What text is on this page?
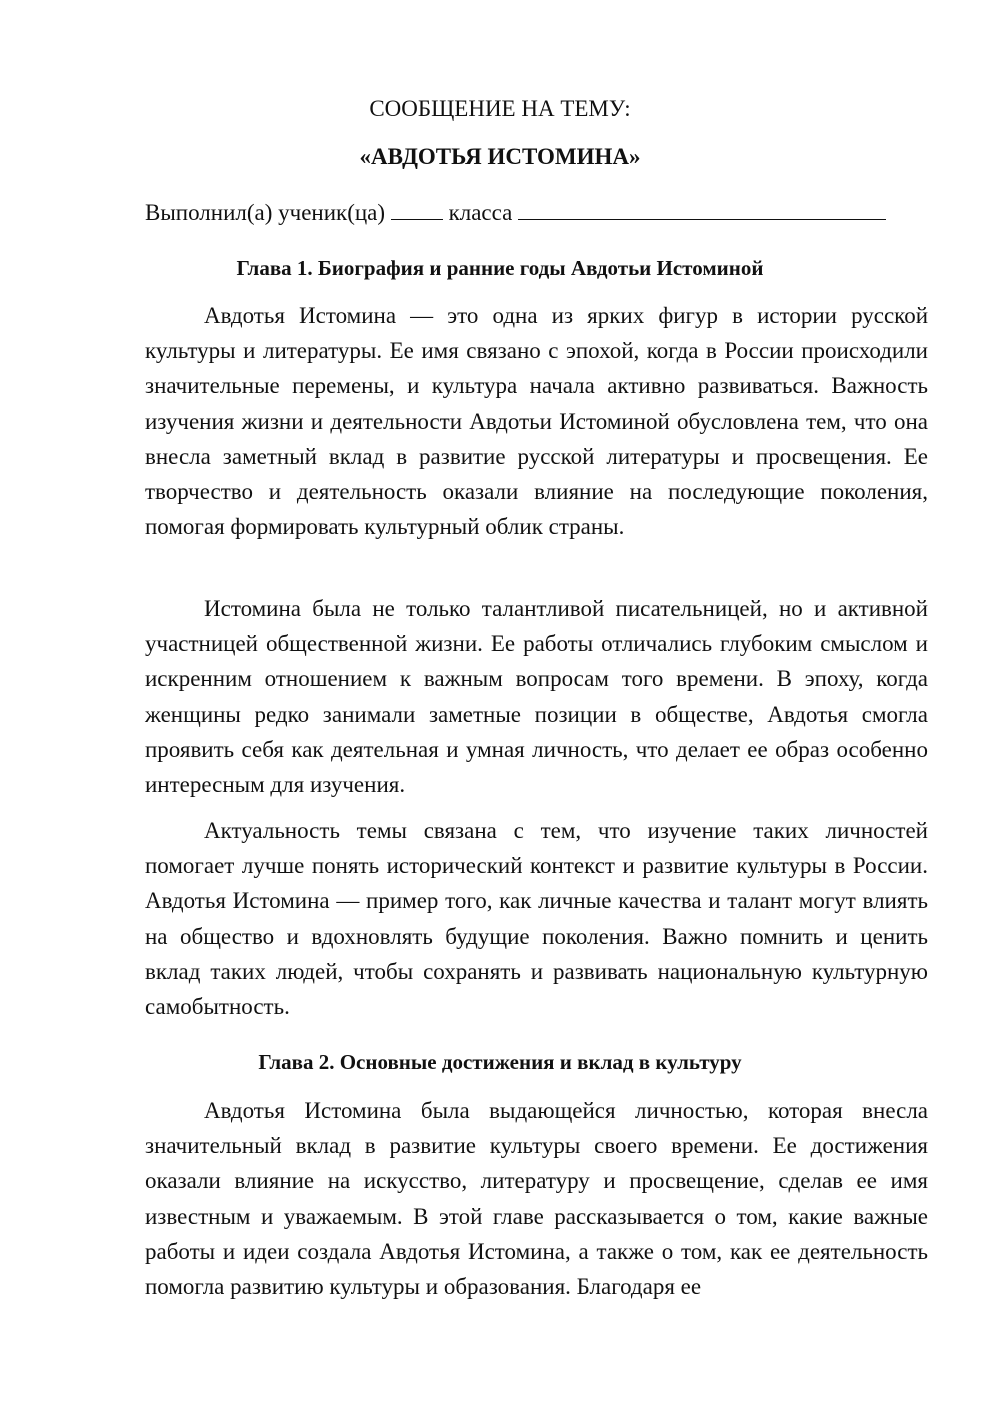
СООБЩЕНИЕ НА ТЕМУ:
«АВДОТЬЯ ИСТОМИНА»
Выполнил(а) ученик(ца)	класса
Глава 1. Биография и ранние годы Авдотьи Истоминой

Авдотья Истомина — это одна из ярких фигур в истории русской культуры и литературы. Ее имя связано с эпохой, когда в России происходили значительные перемены, и культура начала активно развиваться. Важность изучения жизни и деятельности Авдотьи Истоминой обусловлена тем, что она внесла заметный вклад в развитие русской литературы и просвещения. Ее творчество и деятельность оказали влияние на последующие поколения, помогая формировать культурный облик страны.

Истомина была не только талантливой писательницей, но и активной участницей общественной жизни. Ее работы отличались глубоким смыслом и искренним отношением к важным вопросам того времени. В эпоху, когда женщины редко занимали заметные позиции в обществе, Авдотья смогла проявить себя как деятельная и умная личность, что делает ее образ особенно интересным для изучения.

Актуальность темы связана с тем, что изучение таких личностей помогает лучше понять исторический контекст и развитие культуры в России. Авдотья Истомина — пример того, как личные качества и талант могут влиять на общество и вдохновлять будущие поколения. Важно помнить и ценить вклад таких людей, чтобы сохранять и развивать национальную культурную самобытность.

Глава 2. Основные достижения и вклад в культуру

Авдотья Истомина была выдающейся личностью, которая внесла значительный вклад в развитие культуры своего времени. Ее достижения оказали влияние на искусство, литературу и просвещение, сделав ее имя известным и уважаемым. В этой главе рассказывается о том, какие важные работы и идеи создала Авдотья Истомина, а также о том, как ее деятельность помогла развитию культуры и образования. Благодаря ее
